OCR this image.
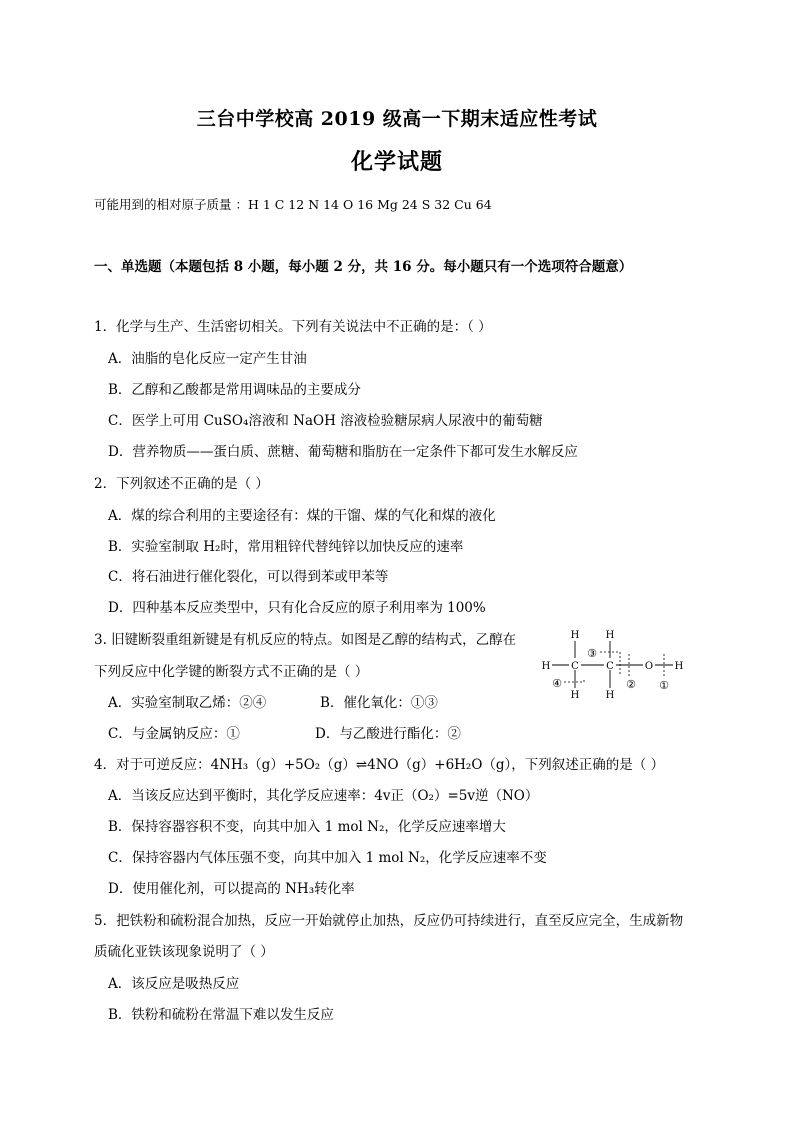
三台中学校高 2019 级高一下期末适应性考试
化学试题
可能用到的相对原子质量 ：H 1 C 12 N 14 O 16 Mg 24 S 32 Cu 64
一、单选题（本题包括 8 小题，每小题 2 分，共 16 分。每小题只有一个选项符合题意）
1．化学与生产、生活密切相关。下列有关说法中不正确的是：（ ）
A．油脂的皂化反应一定产生甘油
B．乙醇和乙酸都是常用调味品的主要成分
C．医学上可用 CuSO₄溶液和 NaOH 溶液检验糖尿病人尿液中的葡萄糖
D．营养物质——蛋白质、蔗糖、葡萄糖和脂肪在一定条件下都可发生水解反应
2．下列叙述不正确的是（ ）
A．煤的综合利用的主要途径有：煤的干馏、煤的气化和煤的液化
B．实验室制取 H₂时，常用粗锌代替纯锌以加快反应的速率
C．将石油进行催化裂化，可以得到苯或甲苯等
D．四种基本反应类型中，只有化合反应的原子利用率为 100%
3. 旧键断裂重组新键是有机反应的特点。如图是乙醇的结构式，乙醇在
下列反应中化学键的断裂方式不正确的是（ ）
A．实验室制取乙烯：②④	B．催化氧化：①③
C．与金属钠反应：①	D．与乙酸进行酯化：②
H	H
H C	C	O H
H	H
③
④	② ①
4．对于可逆反应：4NH₃（g）+5O₂（g）⇌4NO（g）+6H₂O（g），下列叙述正确的是（ ）
A．当该反应达到平衡时，其化学反应速率：4v正（O₂）=5v逆（NO）
B．保持容器容积不变，向其中加入 1 mol N₂，化学反应速率增大
C．保持容器内气体压强不变，向其中加入 1 mol N₂，化学反应速率不变
D．使用催化剂，可以提高的 NH₃转化率
5．把铁粉和硫粉混合加热，反应一开始就停止加热，反应仍可持续进行，直至反应完全，生成新物
质硫化亚铁该现象说明了（ ）
A．该反应是吸热反应
B．铁粉和硫粉在常温下难以发生反应
